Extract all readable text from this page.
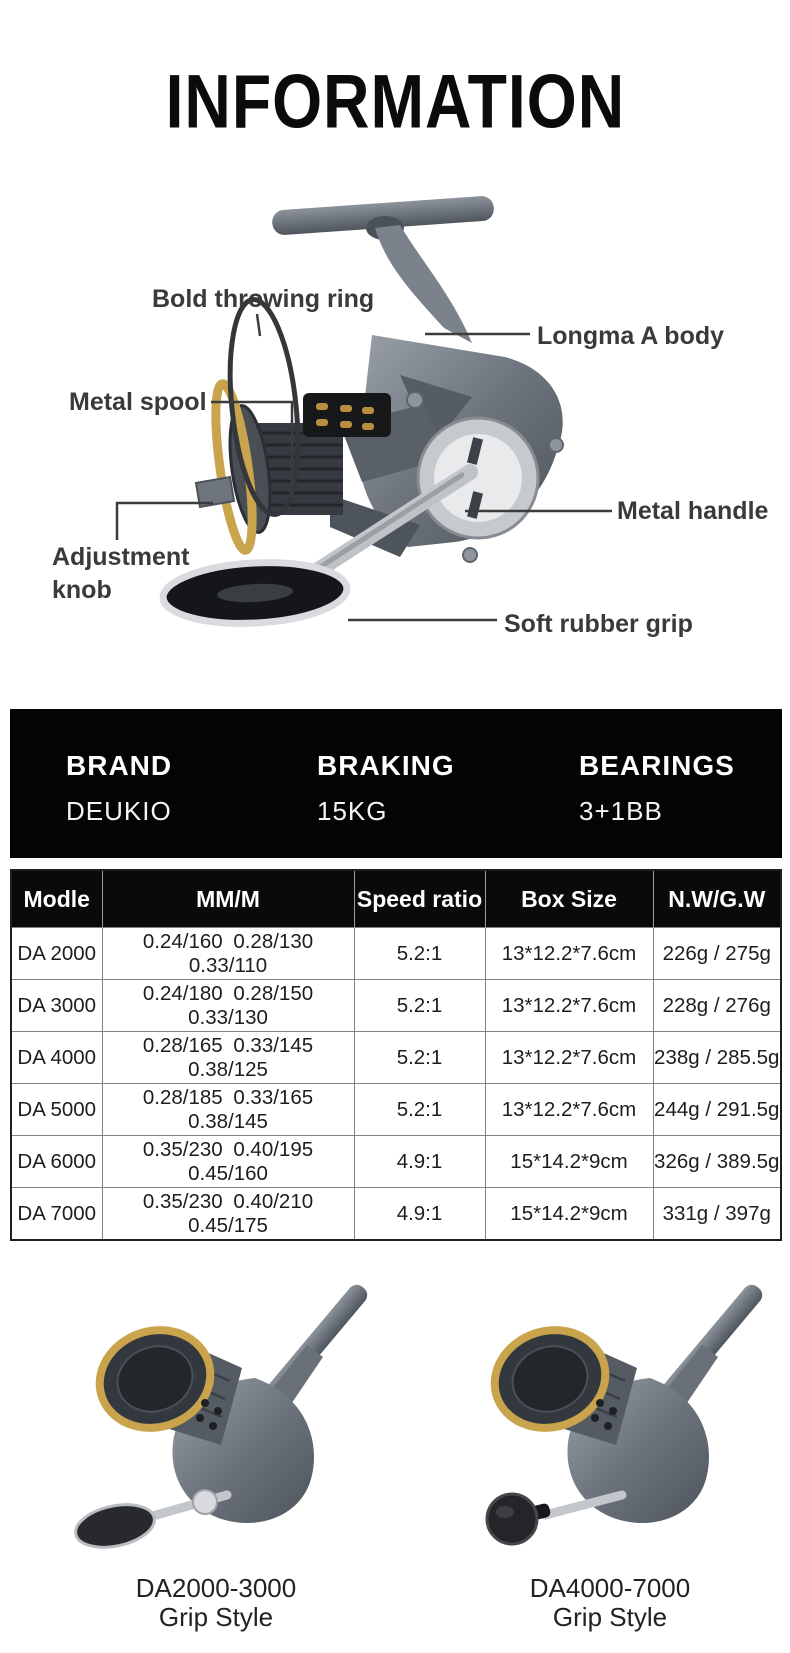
INFORMATION
Bold throwing ring
Longma A body
Metal spool
Metal handle
Adjustment knob
Soft rubber grip
BRAND
DEUKIO
BRAKING
15KG
BEARINGS
3+1BB
Modle	MM/M	Speed ratio	Box Size	N.W/G.W
DA 2000	0.24/160 0.28/130 0.33/110	5.2:1	13*12.2*7.6cm	226g / 275g
DA 3000	0.24/180 0.28/150 0.33/130	5.2:1	13*12.2*7.6cm	228g / 276g
DA 4000	0.28/165 0.33/145 0.38/125	5.2:1	13*12.2*7.6cm	238g / 285.5g
DA 5000	0.28/185 0.33/165 0.38/145	5.2:1	13*12.2*7.6cm	244g / 291.5g
DA 6000	0.35/230 0.40/195 0.45/160	4.9:1	15*14.2*9cm	326g / 389.5g
DA 7000	0.35/230 0.40/210 0.45/175	4.9:1	15*14.2*9cm	331g / 397g
DA2000-3000
Grip Style
DA4000-7000
Grip Style
